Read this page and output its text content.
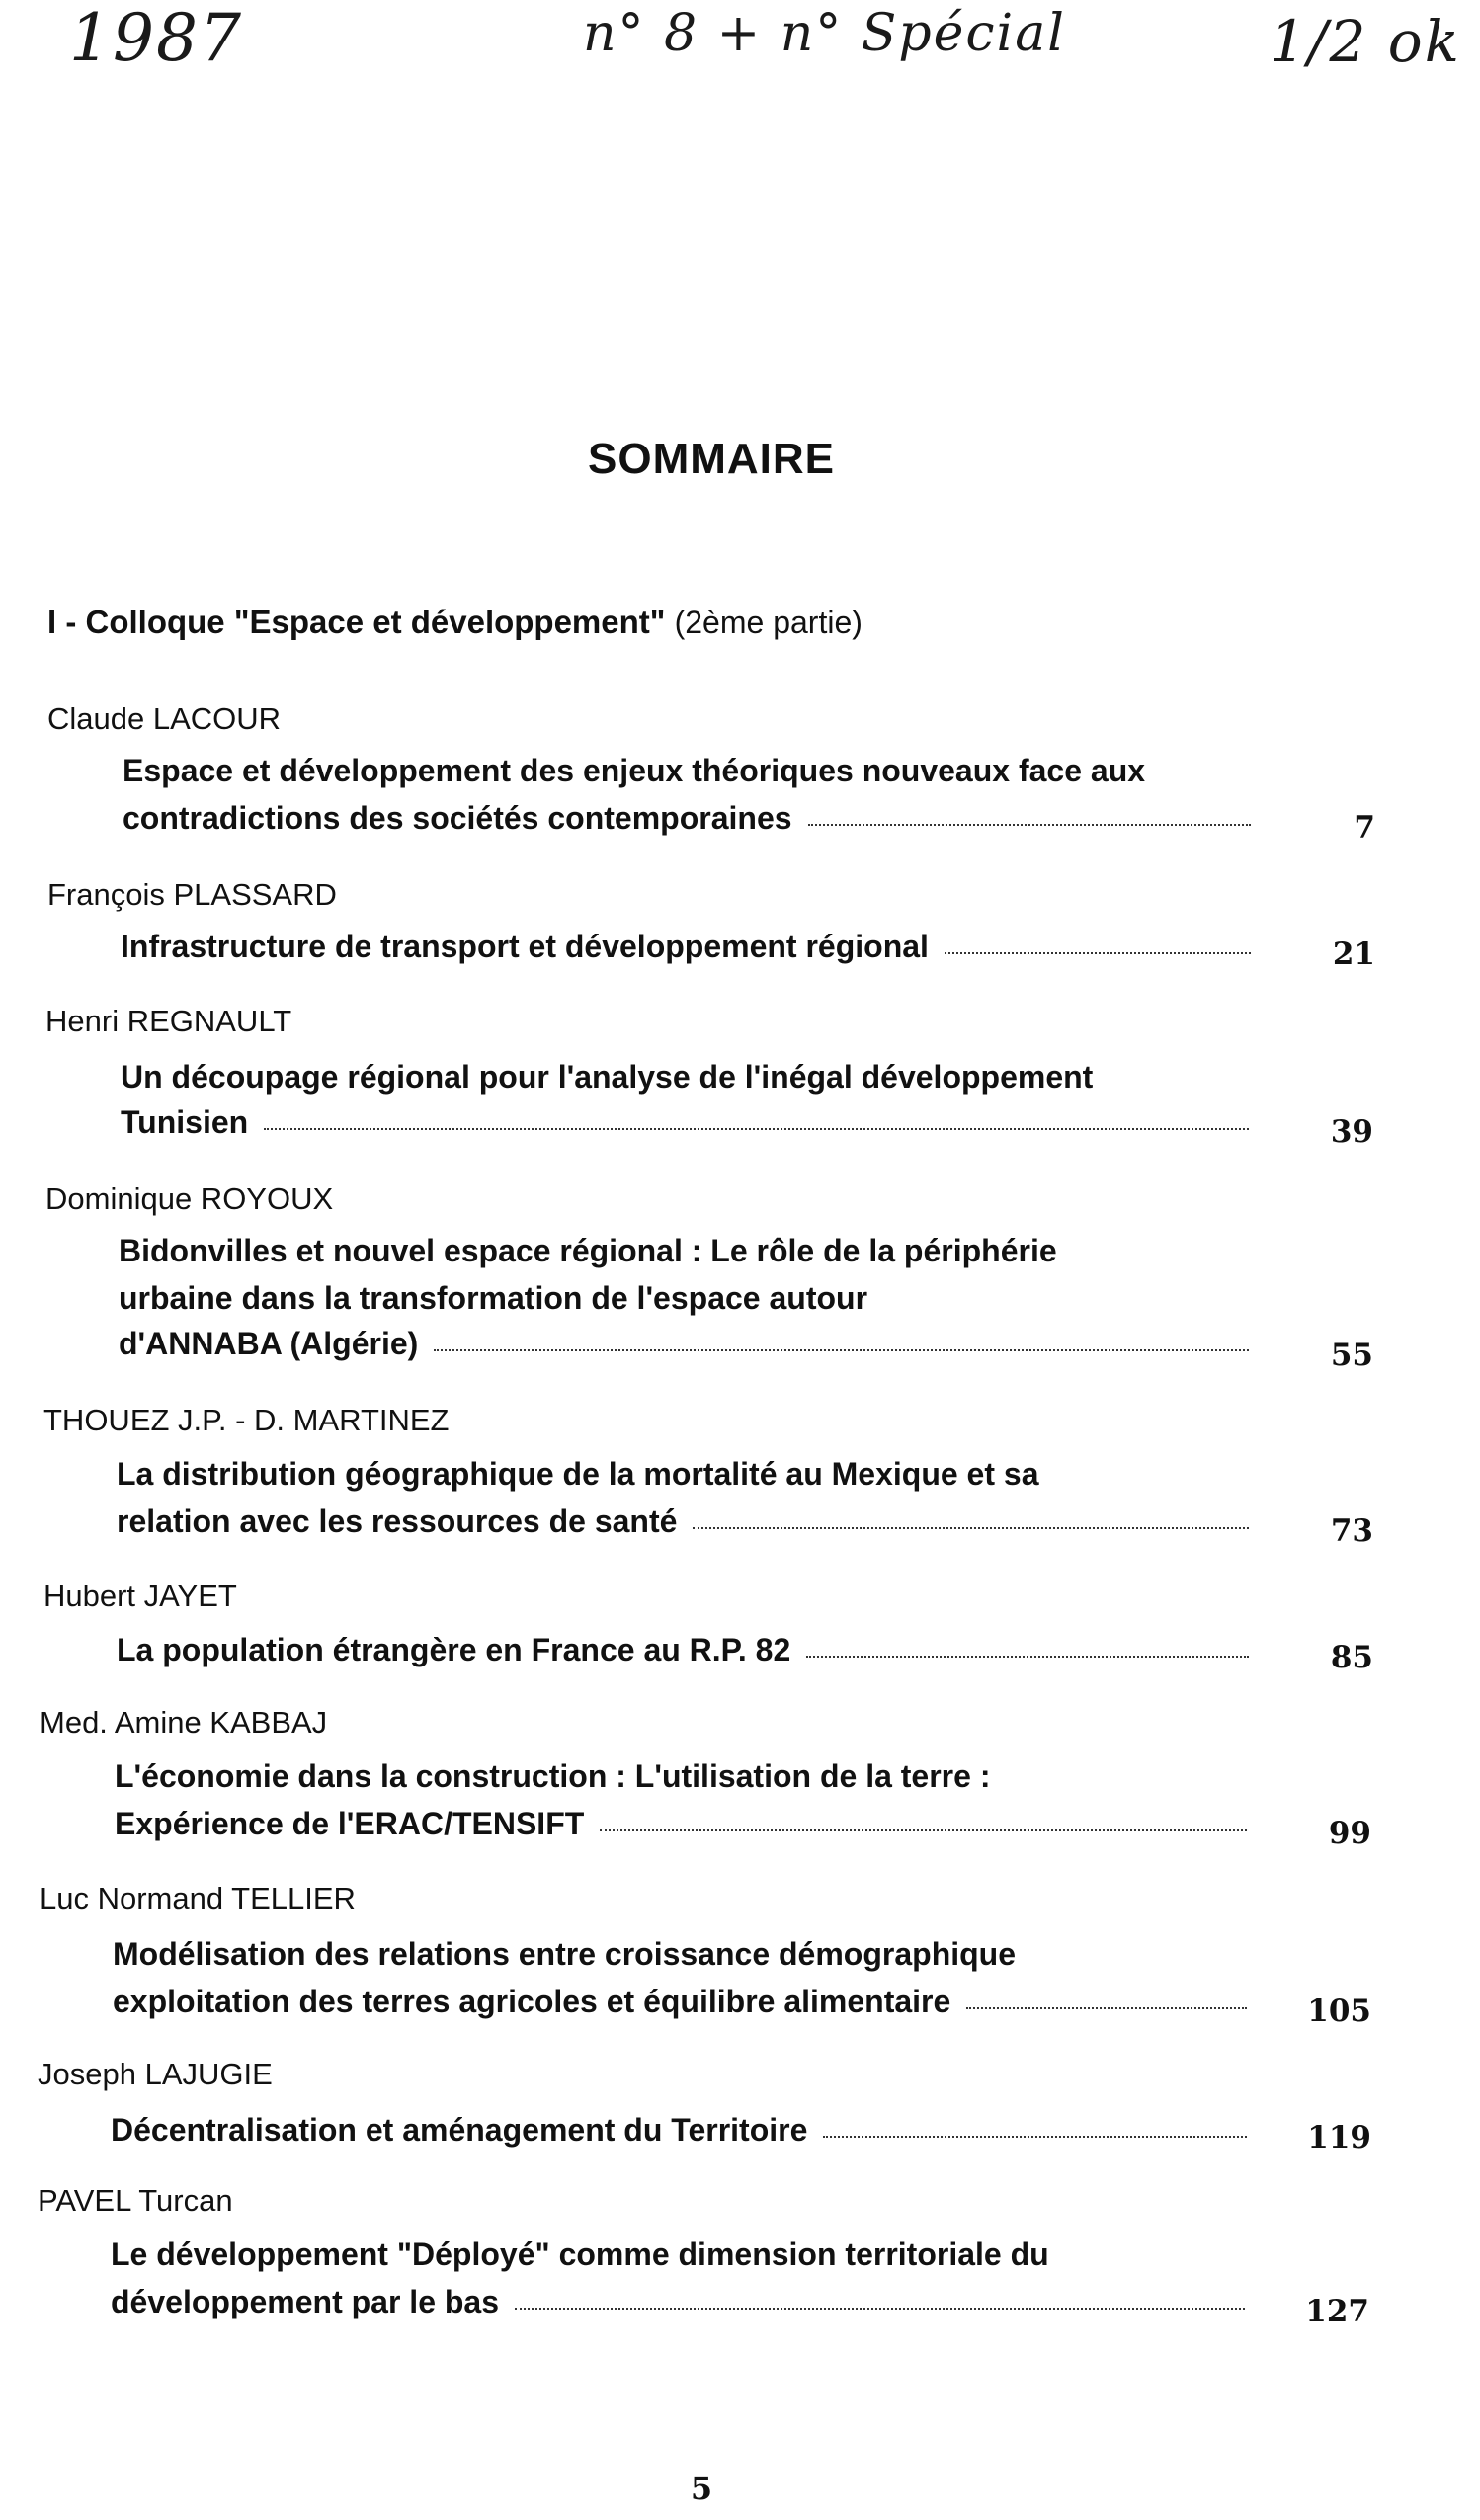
1987	n° 8 + n° Spécial	1/2 ok
SOMMAIRE
I - Colloque "Espace et développement" (2ème partie)
Claude LACOUR
Espace et développement des enjeux théoriques nouveaux face aux
contradictions des sociétés contemporaines	7
François PLASSARD
Infrastructure de transport et développement régional	21
Henri REGNAULT
Un découpage régional pour l'analyse de l'inégal développement
Tunisien	39
Dominique ROYOUX
Bidonvilles et nouvel espace régional : Le rôle de la périphérie
urbaine dans la transformation de l'espace autour
d'ANNABA (Algérie)	55
THOUEZ J.P. - D. MARTINEZ
La distribution géographique de la mortalité au Mexique et sa
relation avec les ressources de santé	73
Hubert JAYET
La population étrangère en France au R.P. 82	85
Med. Amine KABBAJ
L'économie dans la construction : L'utilisation de la terre :
Expérience de l'ERAC/TENSIFT	99
Luc Normand TELLIER
Modélisation des relations entre croissance démographique
exploitation des terres agricoles et équilibre alimentaire	105
Joseph LAJUGIE
Décentralisation et aménagement du Territoire	119
PAVEL Turcan
Le développement "Déployé" comme dimension territoriale du
développement par le bas	127
5
